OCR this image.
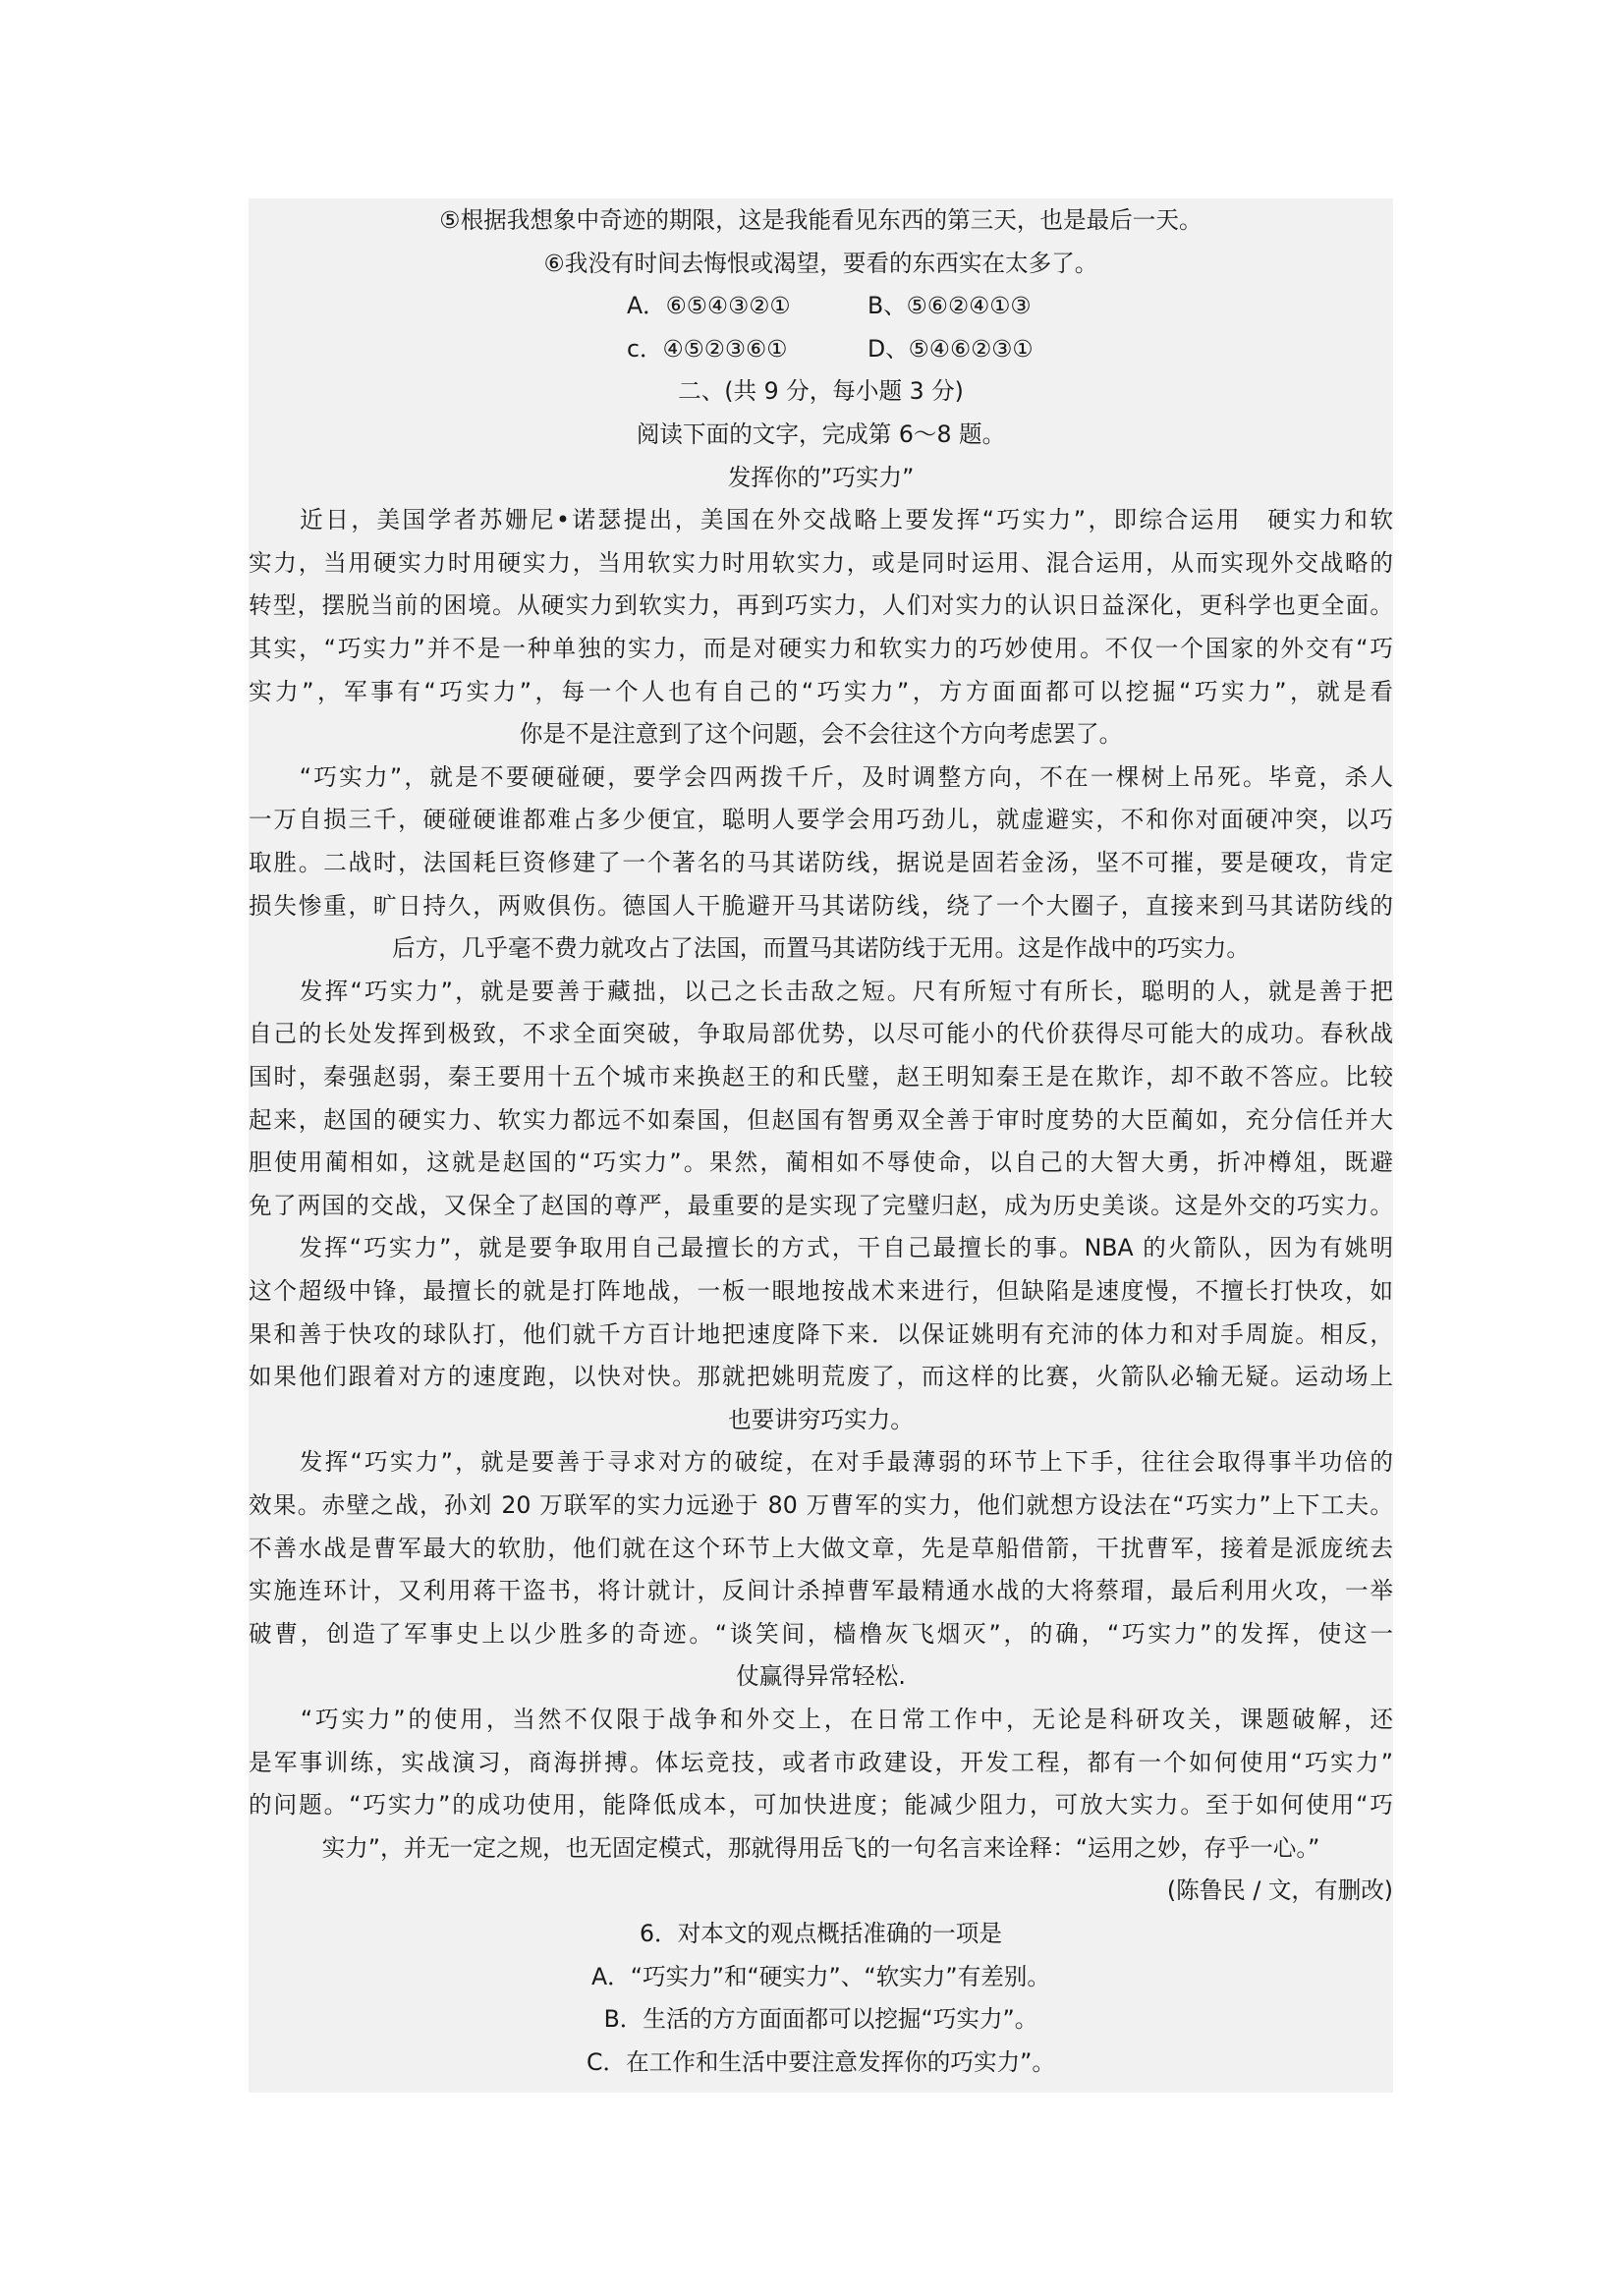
⑤根据我想象中奇迹的期限，这是我能看见东西的第三天，也是最后一天。
⑥我没有时间去悔恨或渴望，要看的东西实在太多了。
A．⑥⑤④③②①	B、⑤⑥②④①③
c．④⑤②③⑥①	D、⑤④⑥②③①
二、(共 9 分，每小题 3 分)
阅读下面的文字，完成第 6～8 题。
发挥你的”巧实力”
　　近日，美国学者苏姗尼•诺瑟提出，美国在外交战略上要发挥“巧实力”，即综合运用　硬实力和软
实力，当用硬实力时用硬实力，当用软实力时用软实力，或是同时运用、混合运用，从而实现外交战略的
转型，摆脱当前的困境。从硬实力到软实力，再到巧实力，人们对实力的认识日益深化，更科学也更全面。
其实，“巧实力”并不是一种单独的实力，而是对硬实力和软实力的巧妙使用。不仅一个国家的外交有“巧
实力”，军事有“巧实力”，每一个人也有自己的“巧实力”，方方面面都可以挖掘“巧实力”，就是看
你是不是注意到了这个问题，会不会往这个方向考虑罢了。
　　“巧实力”，就是不要硬碰硬，要学会四两拨千斤，及时调整方向，不在一棵树上吊死。毕竟，杀人
一万自损三千，硬碰硬谁都难占多少便宜，聪明人要学会用巧劲儿，就虚避实，不和你对面硬冲突，以巧
取胜。二战时，法国耗巨资修建了一个著名的马其诺防线，据说是固若金汤，坚不可摧，要是硬攻，肯定
损失惨重，旷日持久，两败俱伤。德国人干脆避开马其诺防线，绕了一个大圈子，直接来到马其诺防线的
后方，几乎毫不费力就攻占了法国，而置马其诺防线于无用。这是作战中的巧实力。
　　发挥“巧实力”，就是要善于藏拙，以己之长击敌之短。尺有所短寸有所长，聪明的人，就是善于把
自己的长处发挥到极致，不求全面突破，争取局部优势，以尽可能小的代价获得尽可能大的成功。春秋战
国时，秦强赵弱，秦王要用十五个城市来换赵王的和氏璧，赵王明知秦王是在欺诈，却不敢不答应。比较
起来，赵国的硬实力、软实力都远不如秦国，但赵国有智勇双全善于审时度势的大臣蔺如，充分信任并大
胆使用蔺相如，这就是赵国的“巧实力”。果然，蔺相如不辱使命，以自己的大智大勇，折冲樽俎，既避
免了两国的交战，又保全了赵国的尊严，最重要的是实现了完璧归赵，成为历史美谈。这是外交的巧实力。
　　发挥“巧实力”，就是要争取用自己最擅长的方式，干自己最擅长的事。NBA 的火箭队，因为有姚明
这个超级中锋，最擅长的就是打阵地战，一板一眼地按战术来进行，但缺陷是速度慢，不擅长打快攻，如
果和善于快攻的球队打，他们就千方百计地把速度降下来．以保证姚明有充沛的体力和对手周旋。相反，
如果他们跟着对方的速度跑，以快对快。那就把姚明荒废了，而这样的比赛，火箭队必输无疑。运动场上
也要讲穷巧实力。
　　发挥“巧实力”，就是要善于寻求对方的破绽，在对手最薄弱的环节上下手，往往会取得事半功倍的
效果。赤壁之战，孙刘 20 万联军的实力远逊于 80 万曹军的实力，他们就想方设法在“巧实力”上下工夫。
不善水战是曹军最大的软肋，他们就在这个环节上大做文章，先是草船借箭，干扰曹军，接着是派庞统去
实施连环计，又利用蒋干盗书，将计就计，反间计杀掉曹军最精通水战的大将蔡瑁，最后利用火攻，一举
破曹，创造了军事史上以少胜多的奇迹。“谈笑间，樯橹灰飞烟灭”，的确，“巧实力”的发挥，使这一
仗赢得异常轻松.
　　“巧实力”的使用，当然不仅限于战争和外交上，在日常工作中，无论是科研攻关，课题破解，还
是军事训练，实战演习，商海拼搏。体坛竞技，或者市政建设，开发工程，都有一个如何使用“巧实力”
的问题。“巧实力”的成功使用，能降低成本，可加快进度；能减少阻力，可放大实力。至于如何使用“巧
实力”，并无一定之规，也无固定模式，那就得用岳飞的一句名言来诠释：“运用之妙，存乎一心。”
(陈鲁民 / 文，有删改)
6．对本文的观点概括准确的一项是
A．“巧实力”和“硬实力”、“软实力”有差别。
B．生活的方方面面都可以挖掘“巧实力”。
C．在工作和生活中要注意发挥你的巧实力”。
